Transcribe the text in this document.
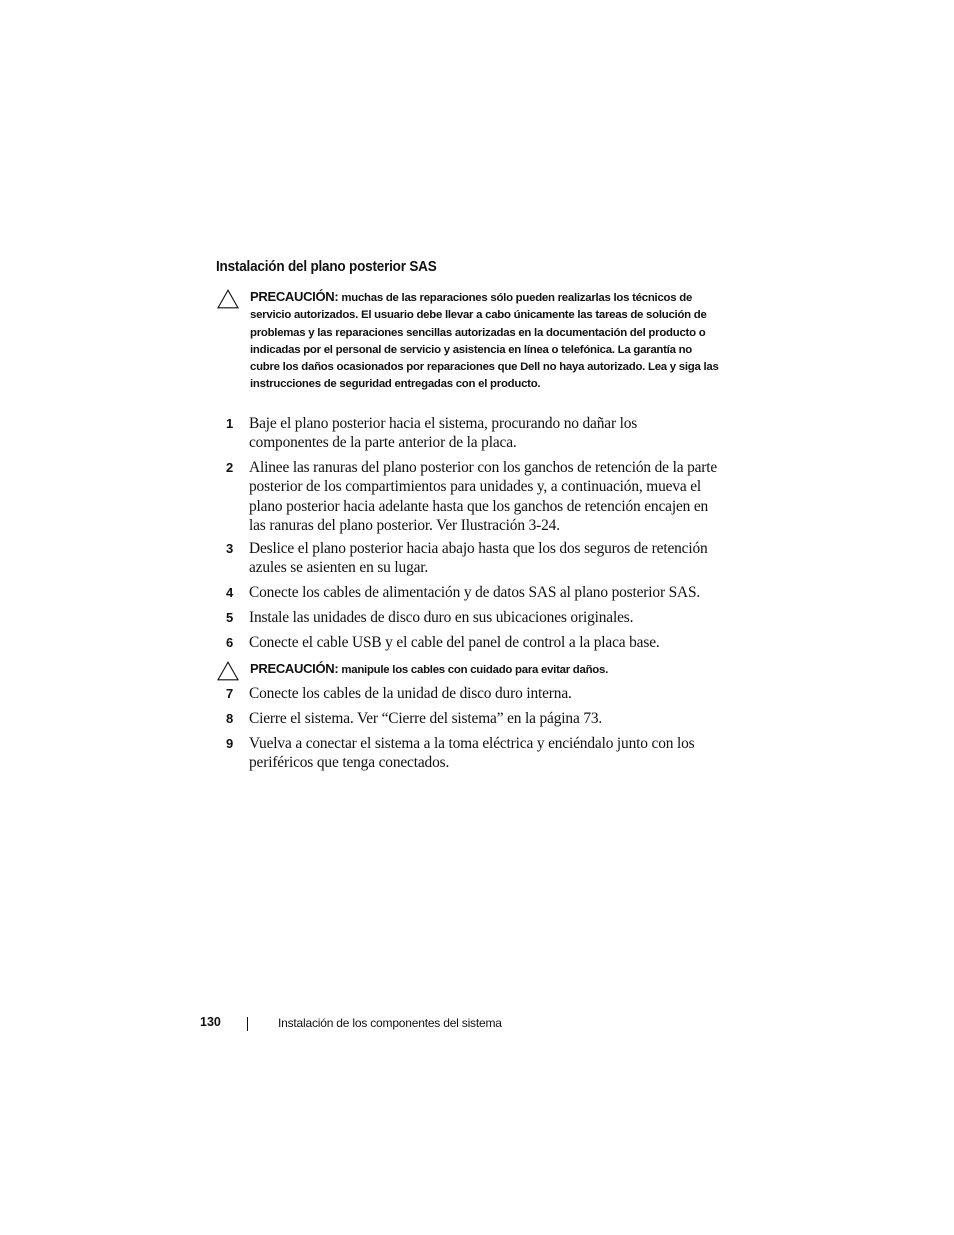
Instalación del plano posterior SAS
PRECAUCIÓN: muchas de las reparaciones sólo pueden realizarlas los técnicos de servicio autorizados. El usuario debe llevar a cabo únicamente las tareas de solución de problemas y las reparaciones sencillas autorizadas en la documentación del producto o indicadas por el personal de servicio y asistencia en línea o telefónica. La garantía no cubre los daños ocasionados por reparaciones que Dell no haya autorizado. Lea y siga las instrucciones de seguridad entregadas con el producto.
1 Baje el plano posterior hacia el sistema, procurando no dañar los componentes de la parte anterior de la placa.
2 Alinee las ranuras del plano posterior con los ganchos de retención de la parte posterior de los compartimientos para unidades y, a continuación, mueva el plano posterior hacia adelante hasta que los ganchos de retención encajen en las ranuras del plano posterior. Ver Ilustración 3-24.
3 Deslice el plano posterior hacia abajo hasta que los dos seguros de retención azules se asienten en su lugar.
4 Conecte los cables de alimentación y de datos SAS al plano posterior SAS.
5 Instale las unidades de disco duro en sus ubicaciones originales.
6 Conecte el cable USB y el cable del panel de control a la placa base.
PRECAUCIÓN: manipule los cables con cuidado para evitar daños.
7 Conecte los cables de la unidad de disco duro interna.
8 Cierre el sistema. Ver “Cierre del sistema” en la página 73.
9 Vuelva a conectar el sistema a la toma eléctrica y enciéndalo junto con los periféricos que tenga conectados.
130	Instalación de los componentes del sistema
